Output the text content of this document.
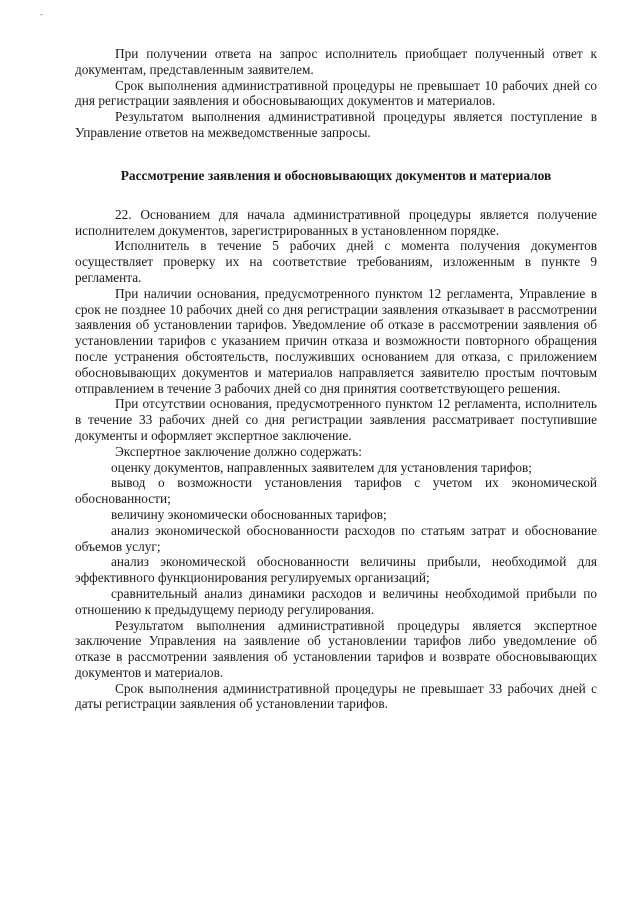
-

При получении ответа на запрос исполнитель приобщает полученный ответ к документам, представленным заявителем.

Срок выполнения административной процедуры не превышает 10 рабочих дней со дня регистрации заявления и обосновывающих документов и материалов.

Результатом выполнения административной процедуры является поступление в Управление ответов на межведомственные запросы.

Рассмотрение заявления и обосновывающих документов и материалов

22. Основанием для начала административной процедуры является получение исполнителем документов, зарегистрированных в установленном порядке.

Исполнитель в течение 5 рабочих дней с момента получения документов осуществляет проверку их на соответствие требованиям, изложенным в пункте 9 регламента.

При наличии основания, предусмотренного пунктом 12 регламента, Управление в срок не позднее 10 рабочих дней со дня регистрации заявления отказывает в рассмотрении заявления об установлении тарифов. Уведомление об отказе в рассмотрении заявления об установлении тарифов с указанием причин отказа и возможности повторного обращения после устранения обстоятельств, послуживших основанием для отказа, с приложением обосновывающих документов и материалов направляется заявителю простым почтовым отправлением в течение 3 рабочих дней со дня принятия соответствующего решения.

При отсутствии основания, предусмотренного пунктом 12 регламента, исполнитель в течение 33 рабочих дней со дня регистрации заявления рассматривает поступившие документы и оформляет экспертное заключение.

Экспертное заключение должно содержать:

оценку документов, направленных заявителем для установления тарифов;

вывод о возможности установления тарифов с учетом их экономической обоснованности;

величину экономически обоснованных тарифов;

анализ экономической обоснованности расходов по статьям затрат и обоснование объемов услуг;

анализ экономической обоснованности величины прибыли, необходимой для эффективного функционирования регулируемых организаций;

сравнительный анализ динамики расходов и величины необходимой прибыли по отношению к предыдущему периоду регулирования.

Результатом выполнения административной процедуры является экспертное заключение Управления на заявление об установлении тарифов либо уведомление об отказе в рассмотрении заявления об установлении тарифов и возврате обосновывающих документов и материалов.

Срок выполнения административной процедуры не превышает 33 рабочих дней с даты регистрации заявления об установлении тарифов.
